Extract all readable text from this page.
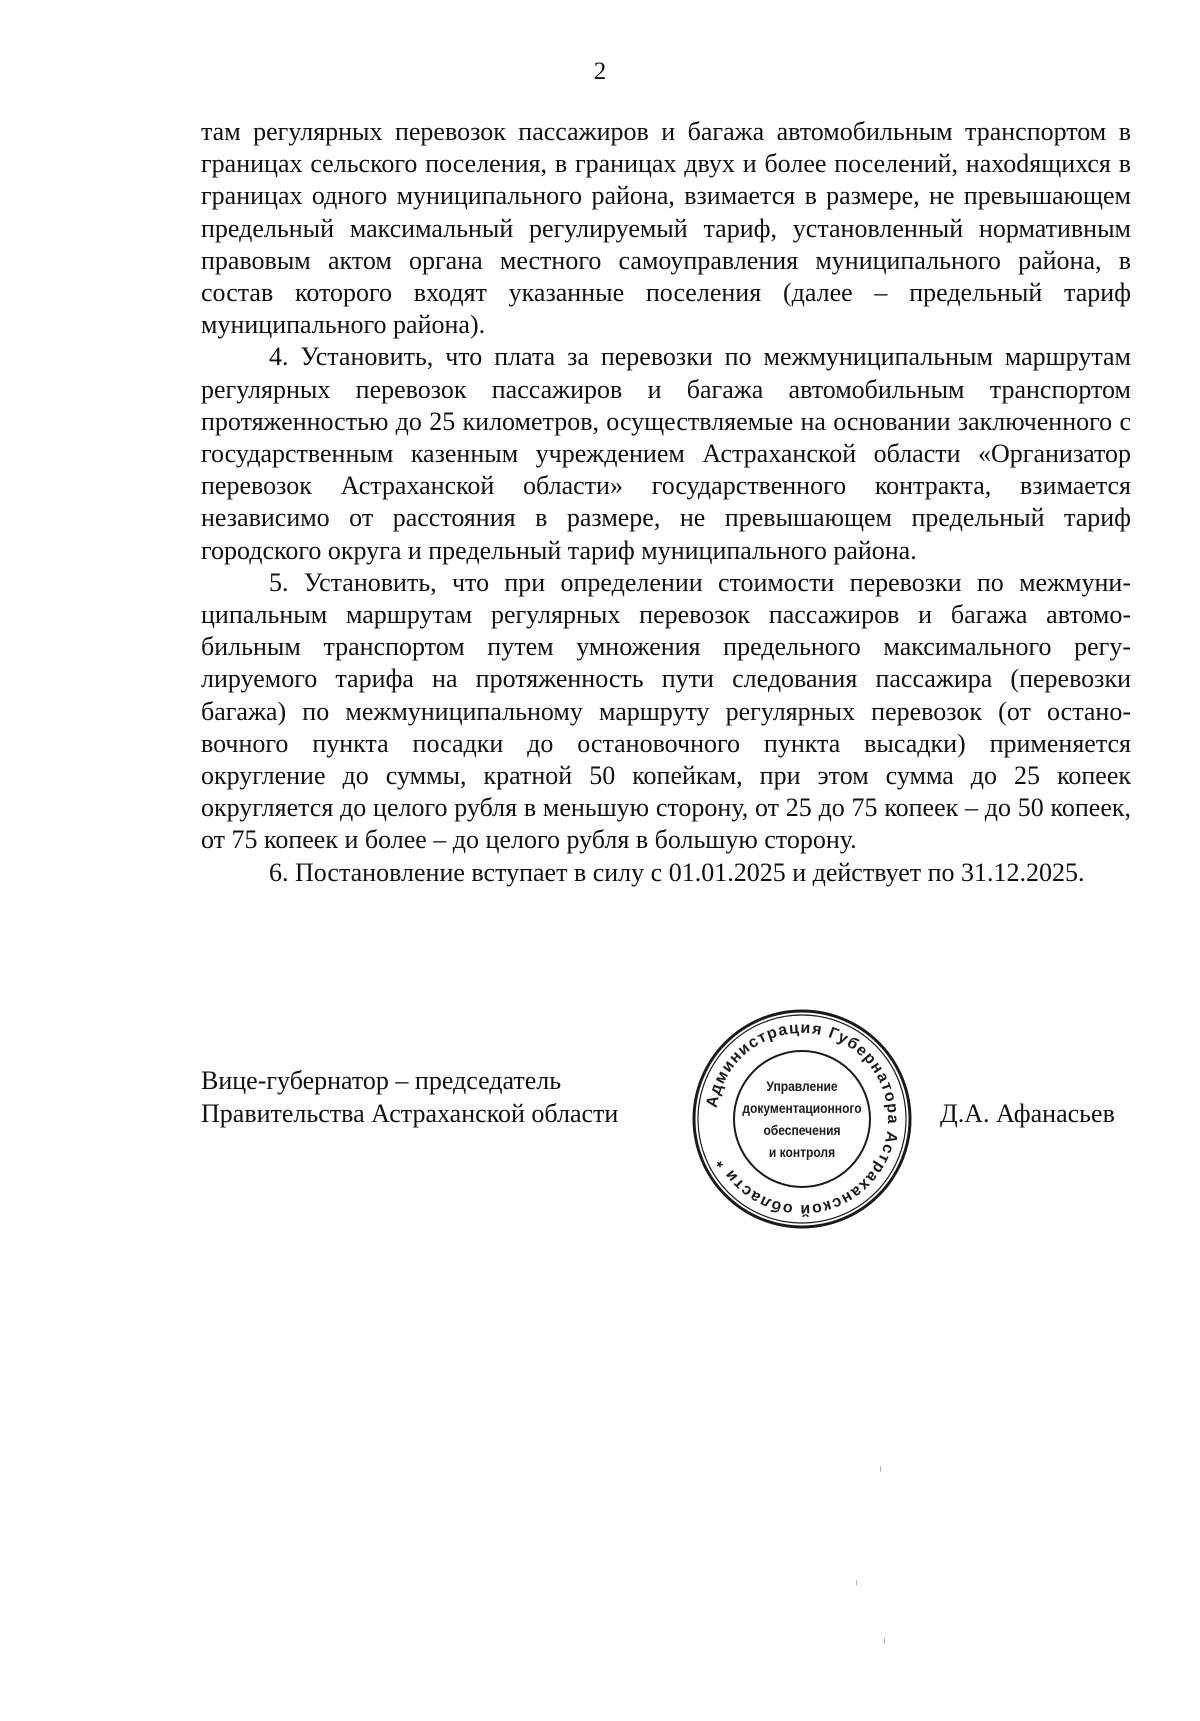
2

там регулярных перевозок пассажиров и багажа автомобильным транспортом в границах сельского поселения, в границах двух и более поселений, нахоdящихся в границах одного муниципального района, взимается в размере, не превышающем предельный максимальный регулируемый тариф, установленный нормативным правовым актом органа местного самоуправления муниципального района, в состав которого входят указанные поселения (далее – предельный тариф муниципального района).

4. Установить, что плата за перевозки по межмуниципальным маршрутам регулярных перевозок пассажиров и багажа автомобильным транспортом протяженностью до 25 километров, осуществляемые на основании заключенного с государственным казенным учреждением Астраханской области «Организатор перевозок Астраханской области» государственного контракта, взимается независимо от расстояния в размере, не превышающем предельный тариф городского округа и предельный тариф муниципального района.

5. Установить, что при определении стоимости перевозки по межмуниципальным маршрутам регулярных перевозок пассажиров и багажа автомобильным транспортом путем умножения предельного максимального регулируемого тарифа на протяженность пути следования пассажира (перевозки багажа) по межмуниципальному маршруту регулярных перевозок (от остановочного пункта посадки до остановочного пункта высадки) применяется округление до суммы, кратной 50 копейкам, при этом сумма до 25 копеек округляется до целого рубля в меньшую сторону, от 25 до 75 копеек – до 50 копеек, от 75 копеек и более – до целого рубля в большую сторону.

6. Постановление вступает в силу с 01.01.2025 и действует по 31.12.2025.

Вице-губернатор – председатель
Правительства Астраханской области	Администрация Губернатора Астраханской области *
Управление
документационного
обеспечения
и контроля
Д.А. Афанасьев
